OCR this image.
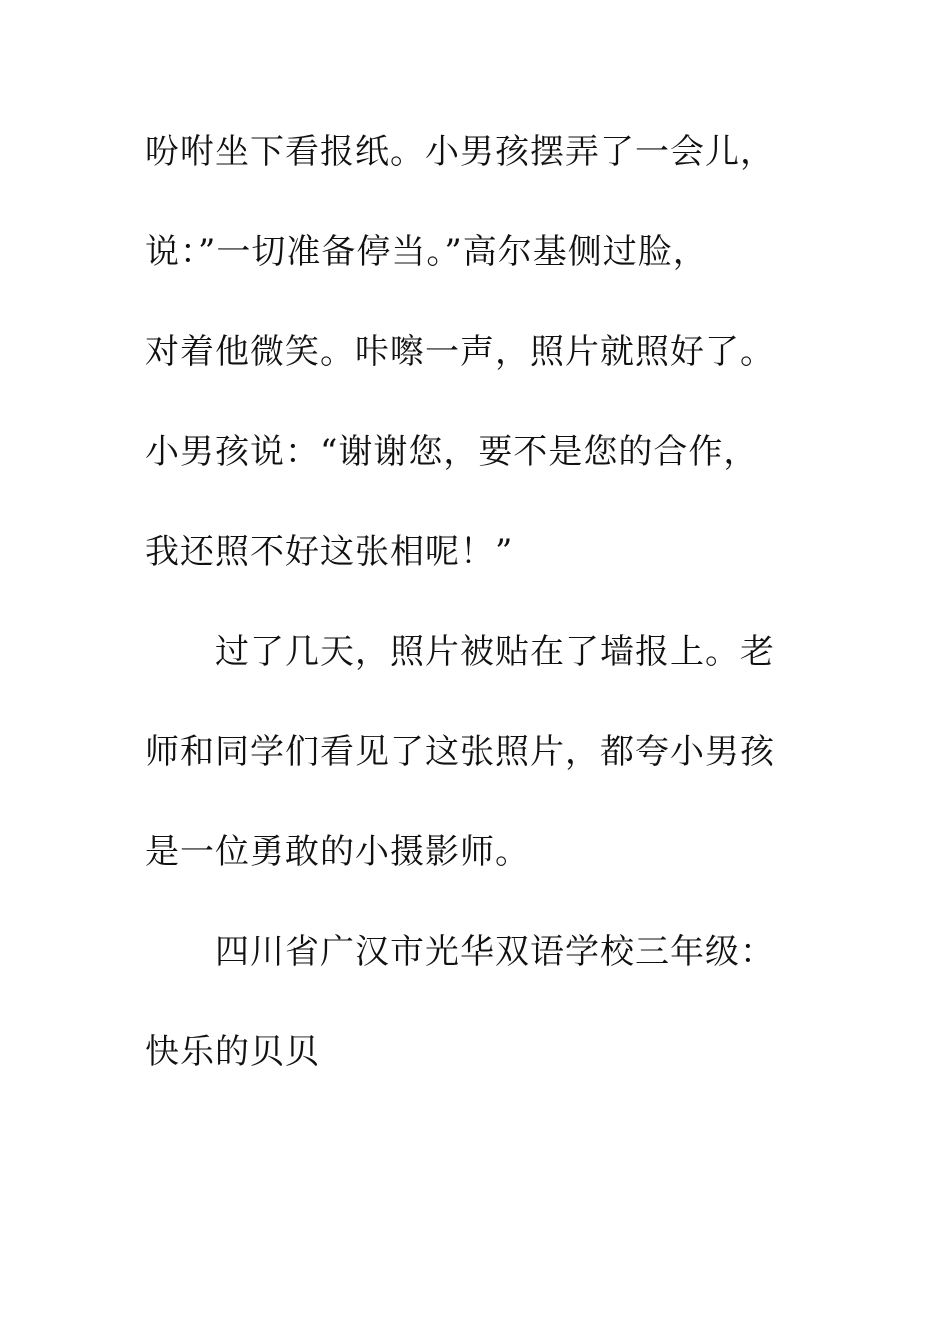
吩咐坐下看报纸。小男孩摆弄了一会儿，
说：”一切准备停当。”高尔基侧过脸，
对着他微笑。咔嚓一声，照片就照好了。
小男孩说：“谢谢您，要不是您的合作，
我还照不好这张相呢！”
过了几天，照片被贴在了墙报上。老
师和同学们看见了这张照片，都夸小男孩
是一位勇敢的小摄影师。
四川省广汉市光华双语学校三年级：
快乐的贝贝
